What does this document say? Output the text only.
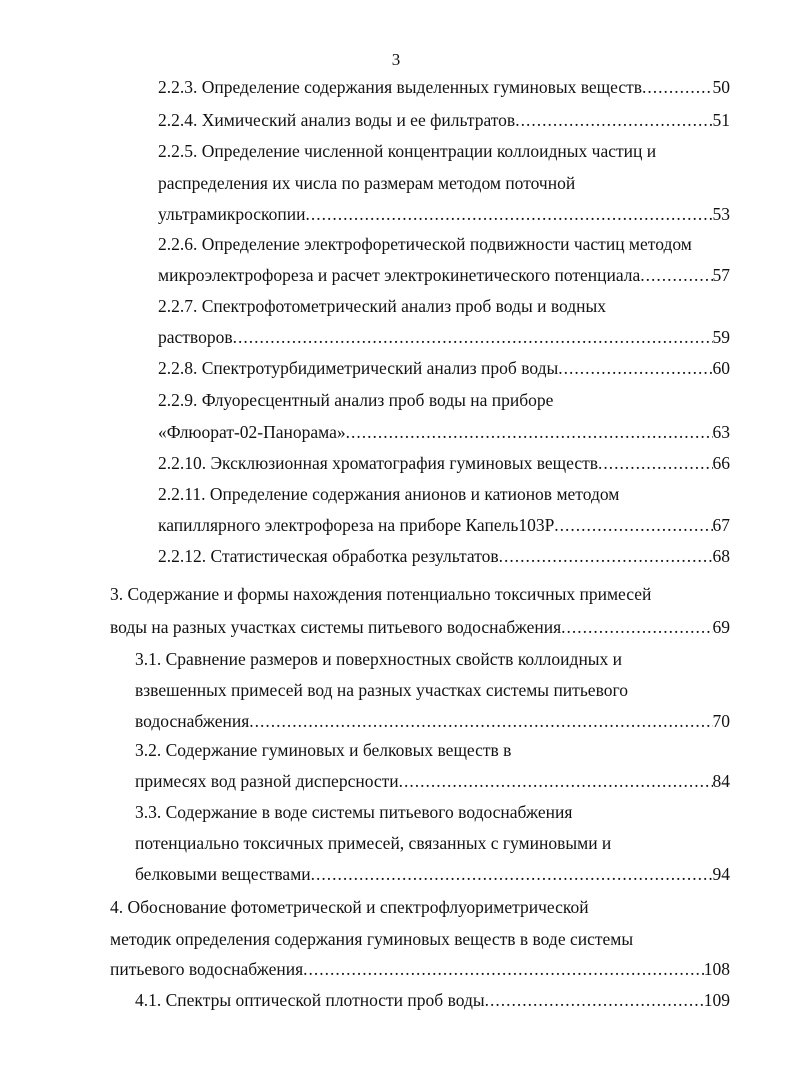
3
2.2.3. Определение содержания выделенных гуминовых веществ .....	50
2.2.4. Химический анализ воды и ее фильтратов .....	51
2.2.5. Определение численной концентрации коллоидных частиц и
распределения их числа по размерам методом поточной
ультрамикроскопии .....	53
2.2.6. Определение электрофоретической подвижности частиц методом
микроэлектрофореза и расчет электрокинетического потенциала .....	57
2.2.7. Спектрофотометрический анализ проб воды и водных
растворов .....	59
2.2.8. Спектротурбидиметрический анализ проб воды .....	60
2.2.9. Флуоресцентный анализ проб воды на приборе
«Флюорат-02-Панорама» .....	63
2.2.10. Эксклюзионная хроматография гуминовых веществ .....	66
2.2.11. Определение содержания анионов и катионов методом
капиллярного электрофореза на приборе Капель103Р .....	67
2.2.12. Статистическая обработка результатов .....	68
3. Содержание и формы нахождения потенциально токсичных примесей
воды на разных участках системы питьевого водоснабжения .....	69
3.1. Сравнение размеров и поверхностных свойств коллоидных и
взвешенных примесей вод на разных участках системы питьевого
водоснабжения .....	70
3.2. Содержание гуминовых и белковых веществ в
примесях вод разной дисперсности .....	84
3.3. Содержание в воде системы питьевого водоснабжения
потенциально токсичных примесей, связанных с гуминовыми и
белковыми веществами .....	94
4. Обоснование фотометрической и спектрофлуориметрической
методик определения содержания гуминовых веществ в воде системы
питьевого водоснабжения .....	108
4.1. Спектры оптической плотности проб воды .....	109
